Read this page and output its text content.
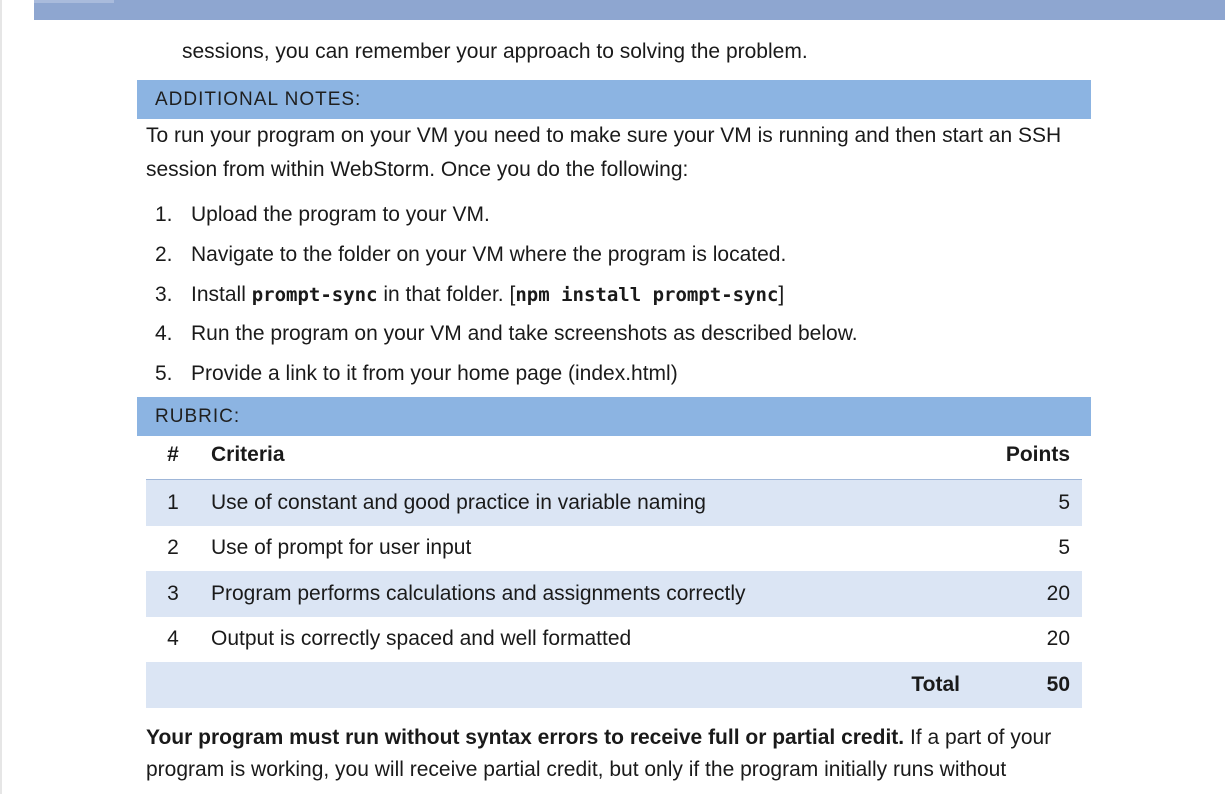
sessions, you can remember your approach to solving the problem.
ADDITIONAL NOTES:
To run your program on your VM you need to make sure your VM is running and then start an SSH session from within WebStorm. Once you do the following:
1. Upload the program to your VM.
2. Navigate to the folder on your VM where the program is located.
3. Install prompt-sync in that folder. [npm install prompt-sync]
4. Run the program on your VM and take screenshots as described below.
5. Provide a link to it from your home page (index.html)
RUBRIC:
#	Criteria	Points
1	Use of constant and good practice in variable naming	5
2	Use of prompt for user input	5
3	Program performs calculations and assignments correctly	20
4	Output is correctly spaced and well formatted	20
	Total	50
Your program must run without syntax errors to receive full or partial credit. If a part of your program is working, you will receive partial credit, but only if the program initially runs without
